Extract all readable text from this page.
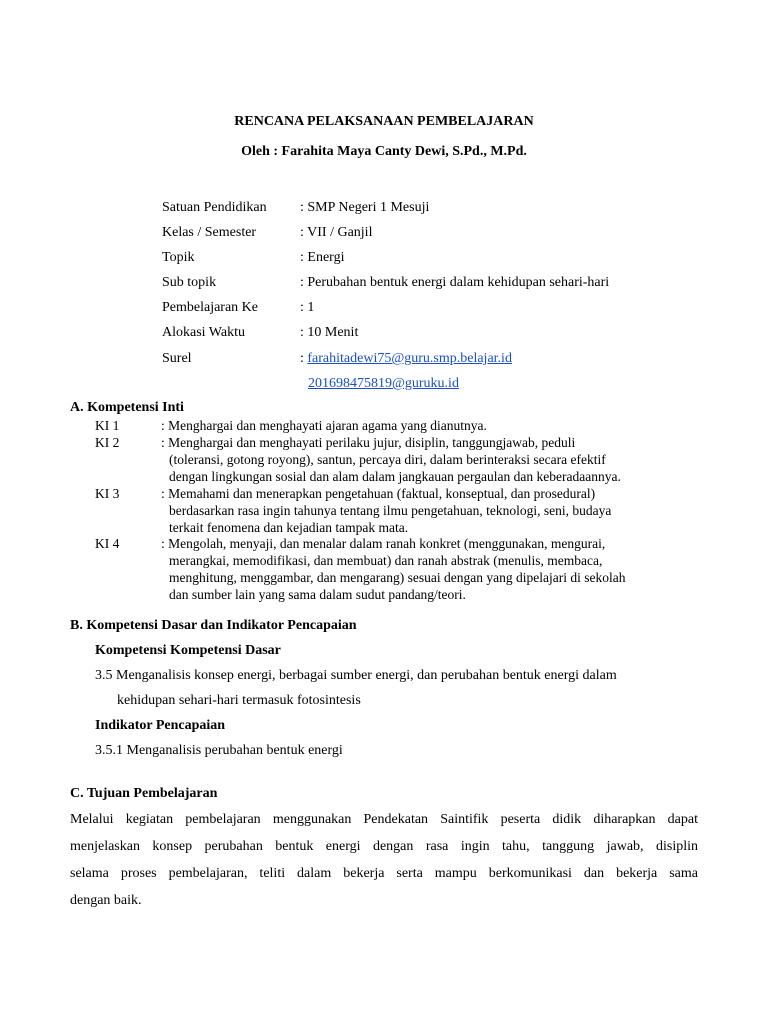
RENCANA PELAKSANAAN PEMBELAJARAN
Oleh : Farahita Maya Canty Dewi, S.Pd., M.Pd.
Satuan Pendidikan : SMP Negeri 1 Mesuji
Kelas / Semester	: VII / Ganjil
Topik	: Energi
Sub topik	: Perubahan bentuk energi dalam kehidupan sehari-hari
Pembelajaran Ke	: 1
Alokasi Waktu	: 10 Menit
Surel	: farahitadewi75@guru.smp.belajar.id
201698475819@guruku.id
A. Kompetensi Inti
KI 1	: Menghargai dan menghayati ajaran agama yang dianutnya.
KI 2	: Menghargai dan menghayati perilaku jujur, disiplin, tanggungjawab, peduli
(toleransi, gotong royong), santun, percaya diri, dalam berinteraksi secara efektif
dengan lingkungan sosial dan alam dalam jangkauan pergaulan dan keberadaannya.
KI 3	: Memahami dan menerapkan pengetahuan (faktual, konseptual, dan prosedural)
berdasarkan rasa ingin tahunya tentang ilmu pengetahuan, teknologi, seni, budaya
terkait fenomena dan kejadian tampak mata.
KI 4	: Mengolah, menyaji, dan menalar dalam ranah konkret (menggunakan, mengurai,
merangkai, memodifikasi, dan membuat) dan ranah abstrak (menulis, membaca,
menghitung, menggambar, dan mengarang) sesuai dengan yang dipelajari di sekolah
dan sumber lain yang sama dalam sudut pandang/teori.
B. Kompetensi Dasar dan Indikator Pencapaian
Kompetensi Kompetensi Dasar
3.5 Menganalisis konsep energi, berbagai sumber energi, dan perubahan bentuk energi dalam
kehidupan sehari-hari termasuk fotosintesis
Indikator Pencapaian
3.5.1 Menganalisis perubahan bentuk energi
C. Tujuan Pembelajaran
Melalui kegiatan pembelajaran menggunakan Pendekatan Saintifik peserta didik diharapkan dapat
menjelaskan konsep perubahan bentuk energi dengan rasa ingin tahu, tanggung jawab, disiplin
selama proses pembelajaran, teliti dalam bekerja serta mampu berkomunikasi dan bekerja sama
dengan baik.
